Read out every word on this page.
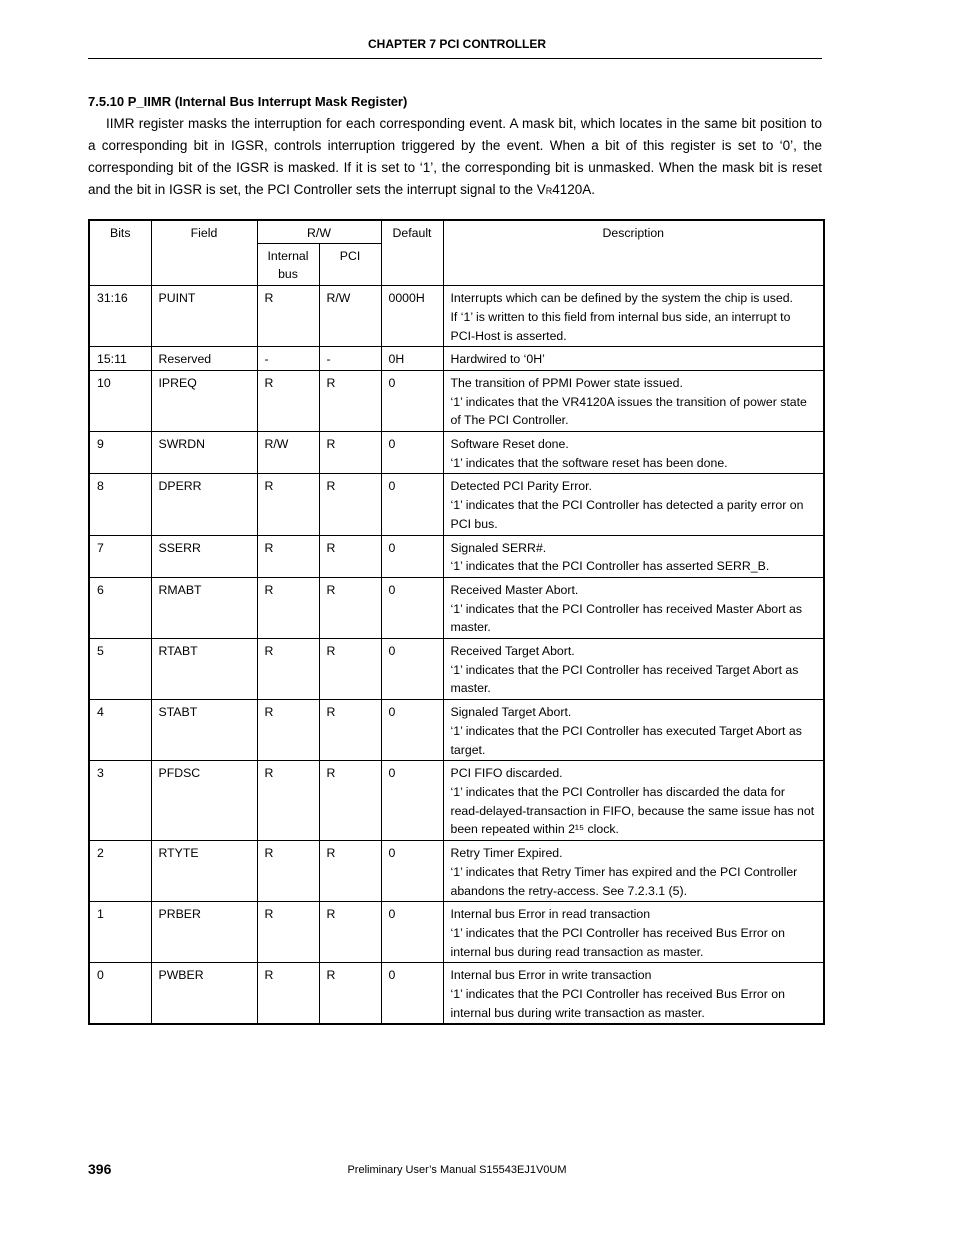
CHAPTER 7 PCI CONTROLLER
7.5.10 P_IIMR (Internal Bus Interrupt Mask Register)
IIMR register masks the interruption for each corresponding event. A mask bit, which locates in the same bit position to a corresponding bit in IGSR, controls interruption triggered by the event. When a bit of this register is set to ‘0’, the corresponding bit of the IGSR is masked. If it is set to ‘1’, the corresponding bit is unmasked. When the mask bit is reset and the bit in IGSR is set, the PCI Controller sets the interrupt signal to the VR4120A.
Bits	Field	R/W		Default	Description
		Internal bus	PCI		
31:16	PUINT	R	R/W	0000H	Interrupts which can be defined by the system the chip is used.
If ‘1’ is written to this field from internal bus side, an interrupt to PCI-Host is asserted.

15:11	Reserved	-	-	0H	Hardwired to ‘0H’

10	IPREQ	R	R	0	The transition of PPMI Power state issued.
‘1’ indicates that the VR4120A issues the transition of power state of The PCI Controller.

9	SWRDN	R/W	R	0	Software Reset done.
‘1’ indicates that the software reset has been done.

8	DPERR	R	R	0	Detected PCI Parity Error.
‘1’ indicates that the PCI Controller has detected a parity error on PCI bus.

7	SSERR	R	R	0	Signaled SERR#.
‘1’ indicates that the PCI Controller has asserted SERR_B.

6	RMABT	R	R	0	Received Master Abort.
‘1’ indicates that the PCI Controller has received Master Abort as master.

5	RTABT	R	R	0	Received Target Abort.
‘1’ indicates that the PCI Controller has received Target Abort as master.

4	STABT	R	R	0	Signaled Target Abort.
‘1’ indicates that the PCI Controller has executed Target Abort as target.

3	PFDSC	R	R	0	PCI FIFO discarded.
‘1’ indicates that the PCI Controller has discarded the data for read-delayed-transaction in FIFO, because the same issue has not been repeated within 2¹⁵ clock.

2	RTYTE	R	R	0	Retry Timer Expired.
‘1’ indicates that Retry Timer has expired and the PCI Controller abandons the retry-access. See 7.2.3.1 (5).

1	PRBER	R	R	0	Internal bus Error in read transaction
‘1’ indicates that the PCI Controller has received Bus Error on internal bus during read transaction as master.

0	PWBER	R	R	0	Internal bus Error in write transaction
‘1’ indicates that the PCI Controller has received Bus Error on internal bus during write transaction as master.
396	Preliminary User’s Manual S15543EJ1V0UM
